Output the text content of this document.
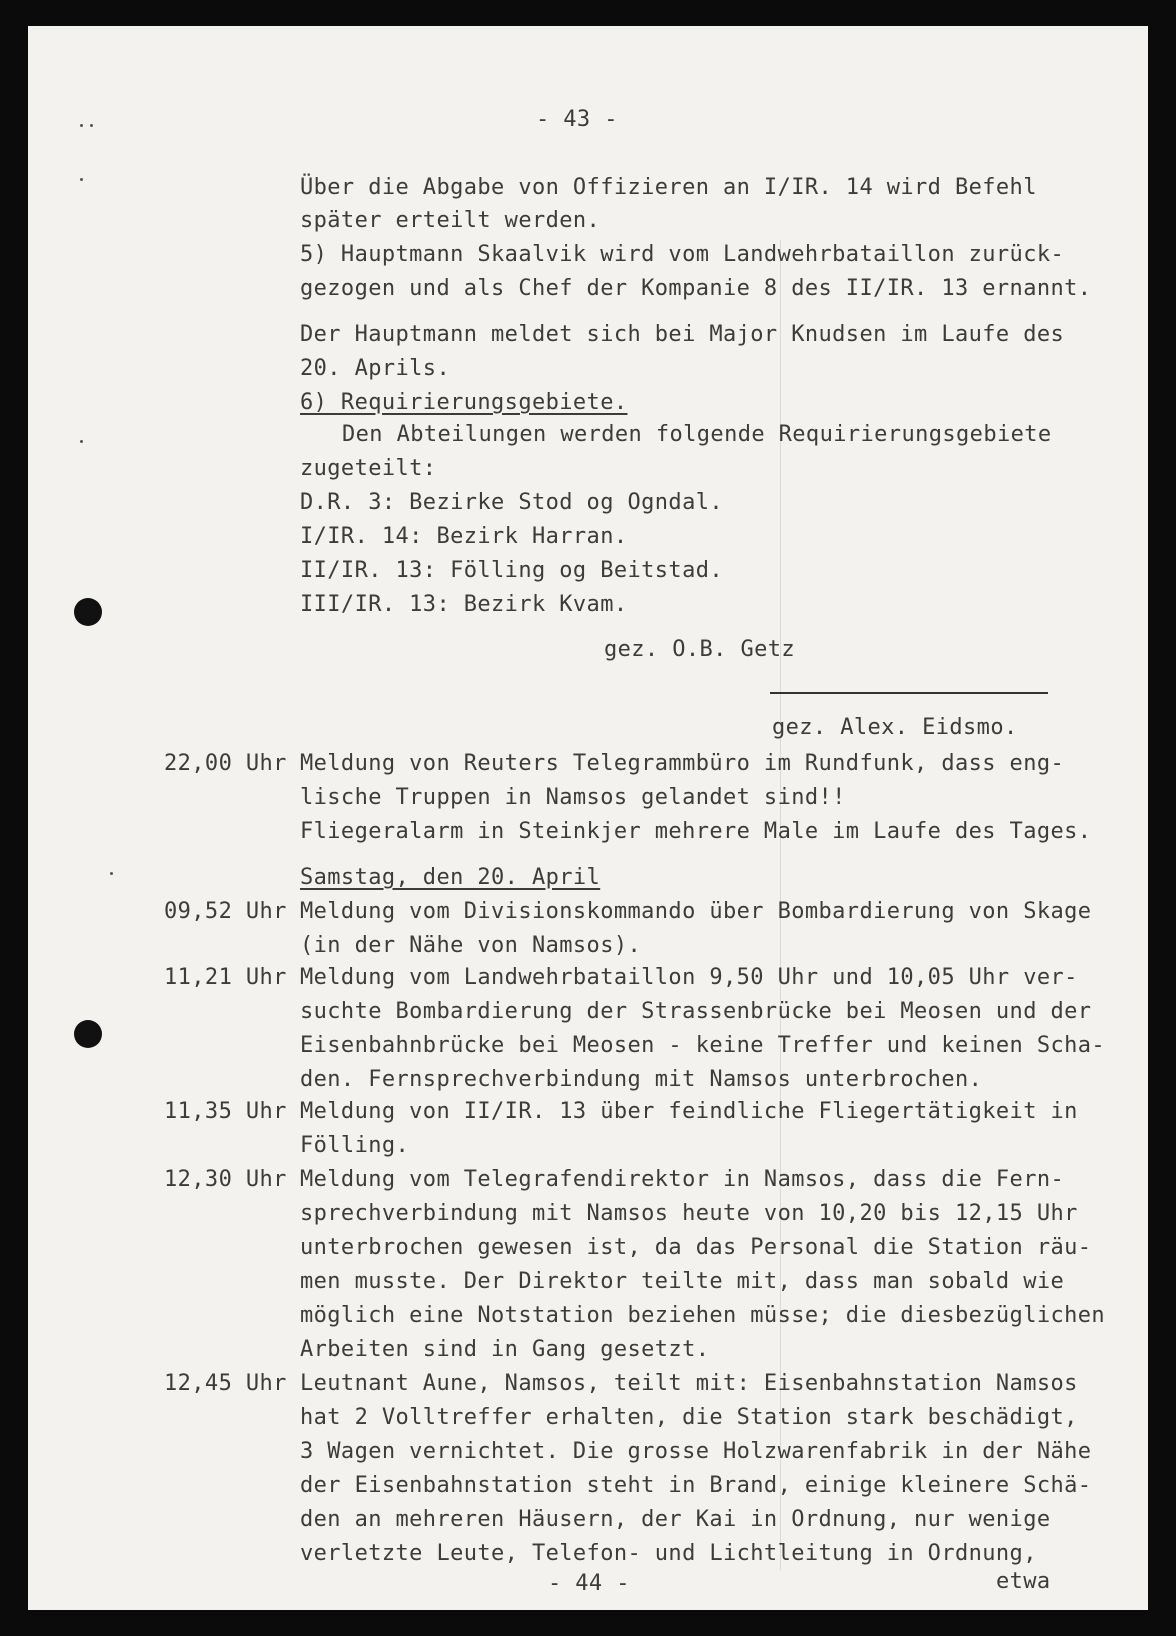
- 43 -
Über die Abgabe von Offizieren an I/IR. 14 wird Befehl
später erteilt werden.
5) Hauptmann Skaalvik wird vom Landwehrbataillon zurück-
gezogen und als Chef der Kompanie 8 des II/IR. 13 ernannt.
Der Hauptmann meldet sich bei Major Knudsen im Laufe des
20. Aprils.
6) Requirierungsgebiete.
Den Abteilungen werden folgende Requirierungsgebiete
zugeteilt:
D.R. 3: Bezirke Stod og Ogndal.
I/IR. 14: Bezirk Harran.
II/IR. 13: Fölling og Beitstad.
III/IR. 13: Bezirk Kvam.
gez. O.B. Getz
gez. Alex. Eidsmo.
22,00 Uhr Meldung von Reuters Telegrammbüro im Rundfunk, dass eng-
lische Truppen in Namsos gelandet sind!!
Fliegeralarm in Steinkjer mehrere Male im Laufe des Tages.
Samstag, den 20. April
09,52 Uhr Meldung vom Divisionskommando über Bombardierung von Skage
(in der Nähe von Namsos).
11,21 Uhr Meldung vom Landwehrbataillon 9,50 Uhr und 10,05 Uhr ver-
suchte Bombardierung der Strassenbrücke bei Meosen und der
Eisenbahnbrücke bei Meosen - keine Treffer und keinen Scha-
den. Fernsprechverbindung mit Namsos unterbrochen.
11,35 Uhr Meldung von II/IR. 13 über feindliche Fliegertätigkeit in
Fölling.
12,30 Uhr Meldung vom Telegrafendirektor in Namsos, dass die Fern-
sprechverbindung mit Namsos heute von 10,20 bis 12,15 Uhr
unterbrochen gewesen ist, da das Personal die Station räu-
men musste. Der Direktor teilte mit, dass man sobald wie
möglich eine Notstation beziehen müsse; die diesbezüglichen
Arbeiten sind in Gang gesetzt.
12,45 Uhr Leutnant Aune, Namsos, teilt mit: Eisenbahnstation Namsos
hat 2 Volltreffer erhalten, die Station stark beschädigt,
3 Wagen vernichtet. Die grosse Holzwarenfabrik in der Nähe
der Eisenbahnstation steht in Brand, einige kleinere Schä-
den an mehreren Häusern, der Kai in Ordnung, nur wenige
verletzte Leute, Telefon- und Lichtleitung in Ordnung,
- 44 -	etwa
